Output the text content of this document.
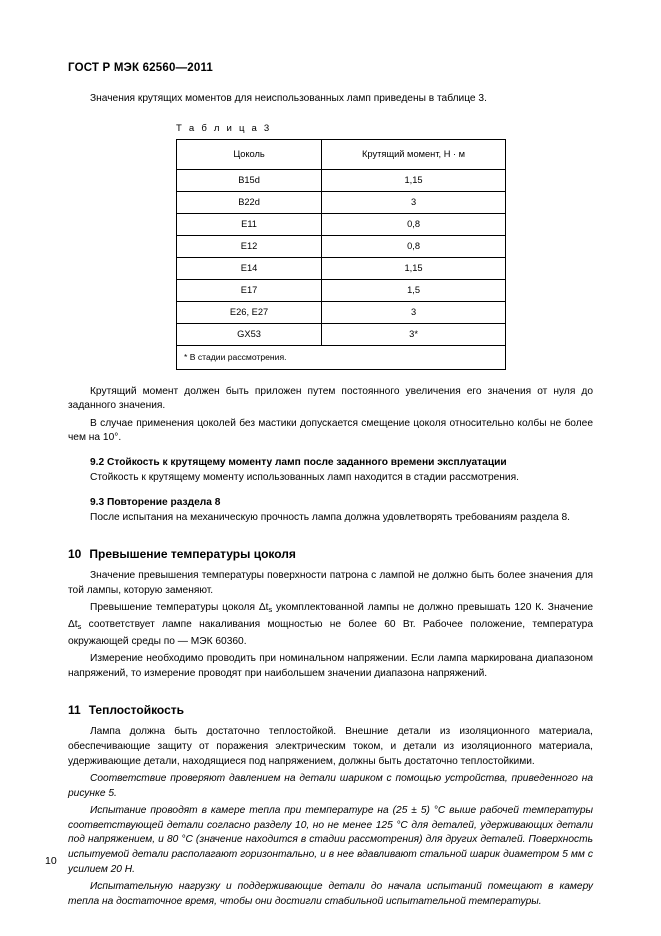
ГОСТ Р МЭК 62560—2011

Значения крутящих моментов для неиспользованных ламп приведены в таблице 3.

Т а б л и ц а 3
Цоколь	Крутящий момент, Н · м
B15d	1,15
B22d	3
E11	0,8
E12	0,8
E14	1,15
E17	1,5
E26, E27	3
GX53	3*
* В стадии рассмотрения.	

Крутящий момент должен быть приложен путем постоянного увеличения его значения от нуля до заданного значения.

В случае применения цоколей без мастики допускается смещение цоколя относительно колбы не более чем на 10°.

9.2 Стойкость к крутящему моменту ламп после заданного времени эксплуатации

Стойкость к крутящему моменту использованных ламп находится в стадии рассмотрения.

9.3 Повторение раздела 8

После испытания на механическую прочность лампа должна удовлетворять требованиям раздела 8.

10 Превышение температуры цоколя

Значение превышения температуры поверхности патрона с лампой не должно быть более значения для той лампы, которую заменяют.

Превышение температуры цоколя $\Delta t_s$ укомплектованной лампы не должно превышать 120 К. Значение $\Delta t_s$ соответствует лампе накаливания мощностью не более 60 Вт. Рабочее положение, температура окружающей среды по — МЭК 60360.

Измерение необходимо проводить при номинальном напряжении. Если лампа маркирована диапазоном напряжений, то измерение проводят при наибольшем значении диапазона напряжений.

11 Теплостойкость

Лампа должна быть достаточно теплостойкой. Внешние детали из изоляционного материала, обеспечивающие защиту от поражения электрическим током, и детали из изоляционного материала, удерживающие детали, находящиеся под напряжением, должны быть достаточно теплостойкими.

Соответствие проверяют давлением на детали шариком с помощью устройства, приведенного на рисунке 5.

Испытание проводят в камере тепла при температуре на (25 ± 5) °С выше рабочей температуры соответствующей детали согласно разделу 10, но не менее 125 °С для деталей, удерживающих детали под напряжением, и 80 °С (значение находится в стадии рассмотрения) для других деталей. Поверхность испытуемой детали располагают горизонтально, и в нее вдавливают стальной шарик диаметром 5 мм с усилием 20 Н.

Испытательную нагрузку и поддерживающие детали до начала испытаний помещают в камеру тепла на достаточное время, чтобы они достигли стабильной испытательной температуры.

10
